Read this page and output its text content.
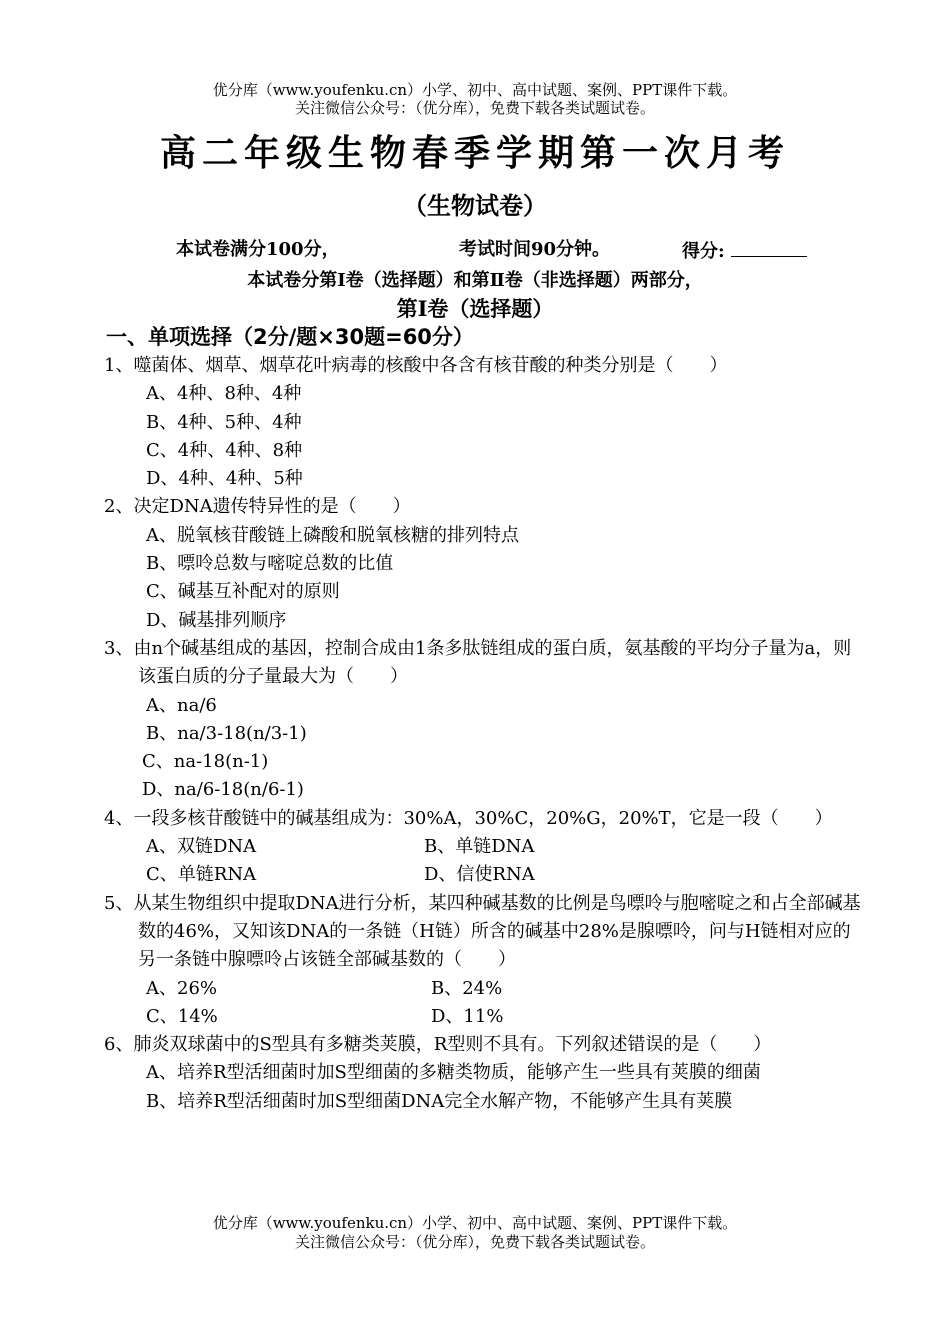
优分库（www.youfenku.cn）小学、初中、高中试题、案例、PPT课件下载。
关注微信公众号：（优分库），免费下载各类试题试卷。
高二年级生物春季学期第一次月考
（生物试卷）
本试卷满分100分，	考试时间90分钟。	得分:
本试卷分第Ⅰ卷（选择题）和第Ⅱ卷（非选择题）两部分，
第Ⅰ卷（选择题）
一、单项选择（2分/题×30题=60分）
1、噬菌体、烟草、烟草花叶病毒的核酸中各含有核苷酸的种类分别是（　　）
A、4种、8种、4种
B、4种、5种、4种
C、4种、4种、8种
D、4种、4种、5种
2、决定DNA遗传特异性的是（　　）
A、脱氧核苷酸链上磷酸和脱氧核糖的排列特点
B、嘌呤总数与嘧啶总数的比值
C、碱基互补配对的原则
D、碱基排列顺序
3、由n个碱基组成的基因，控制合成由1条多肽链组成的蛋白质，氨基酸的平均分子量为a，则该蛋白质的分子量最大为（　　）
A、na/6
B、na/3-18(n/3-1)
C、na-18(n-1)
D、na/6-18(n/6-1)
4、一段多核苷酸链中的碱基组成为：30%A，30%C，20%G，20%T，它是一段（　　）
A、双链DNA	B、单链DNA
C、单链RNA	D、信使RNA
5、从某生物组织中提取DNA进行分析，某四种碱基数的比例是鸟嘌呤与胞嘧啶之和占全部碱基数的46%，又知该DNA的一条链（H链）所含的碱基中28%是腺嘌呤，问与H链相对应的另一条链中腺嘌呤占该链全部碱基数的（　　）
A、26%	B、24%
C、14%	D、11%
6、肺炎双球菌中的S型具有多糖类荚膜，R型则不具有。下列叙述错误的是（　　）
A、培养R型活细菌时加S型细菌的多糖类物质，能够产生一些具有荚膜的细菌
B、培养R型活细菌时加S型细菌DNA完全水解产物，不能够产生具有荚膜
优分库（www.youfenku.cn）小学、初中、高中试题、案例、PPT课件下载。
关注微信公众号：（优分库），免费下载各类试题试卷。
